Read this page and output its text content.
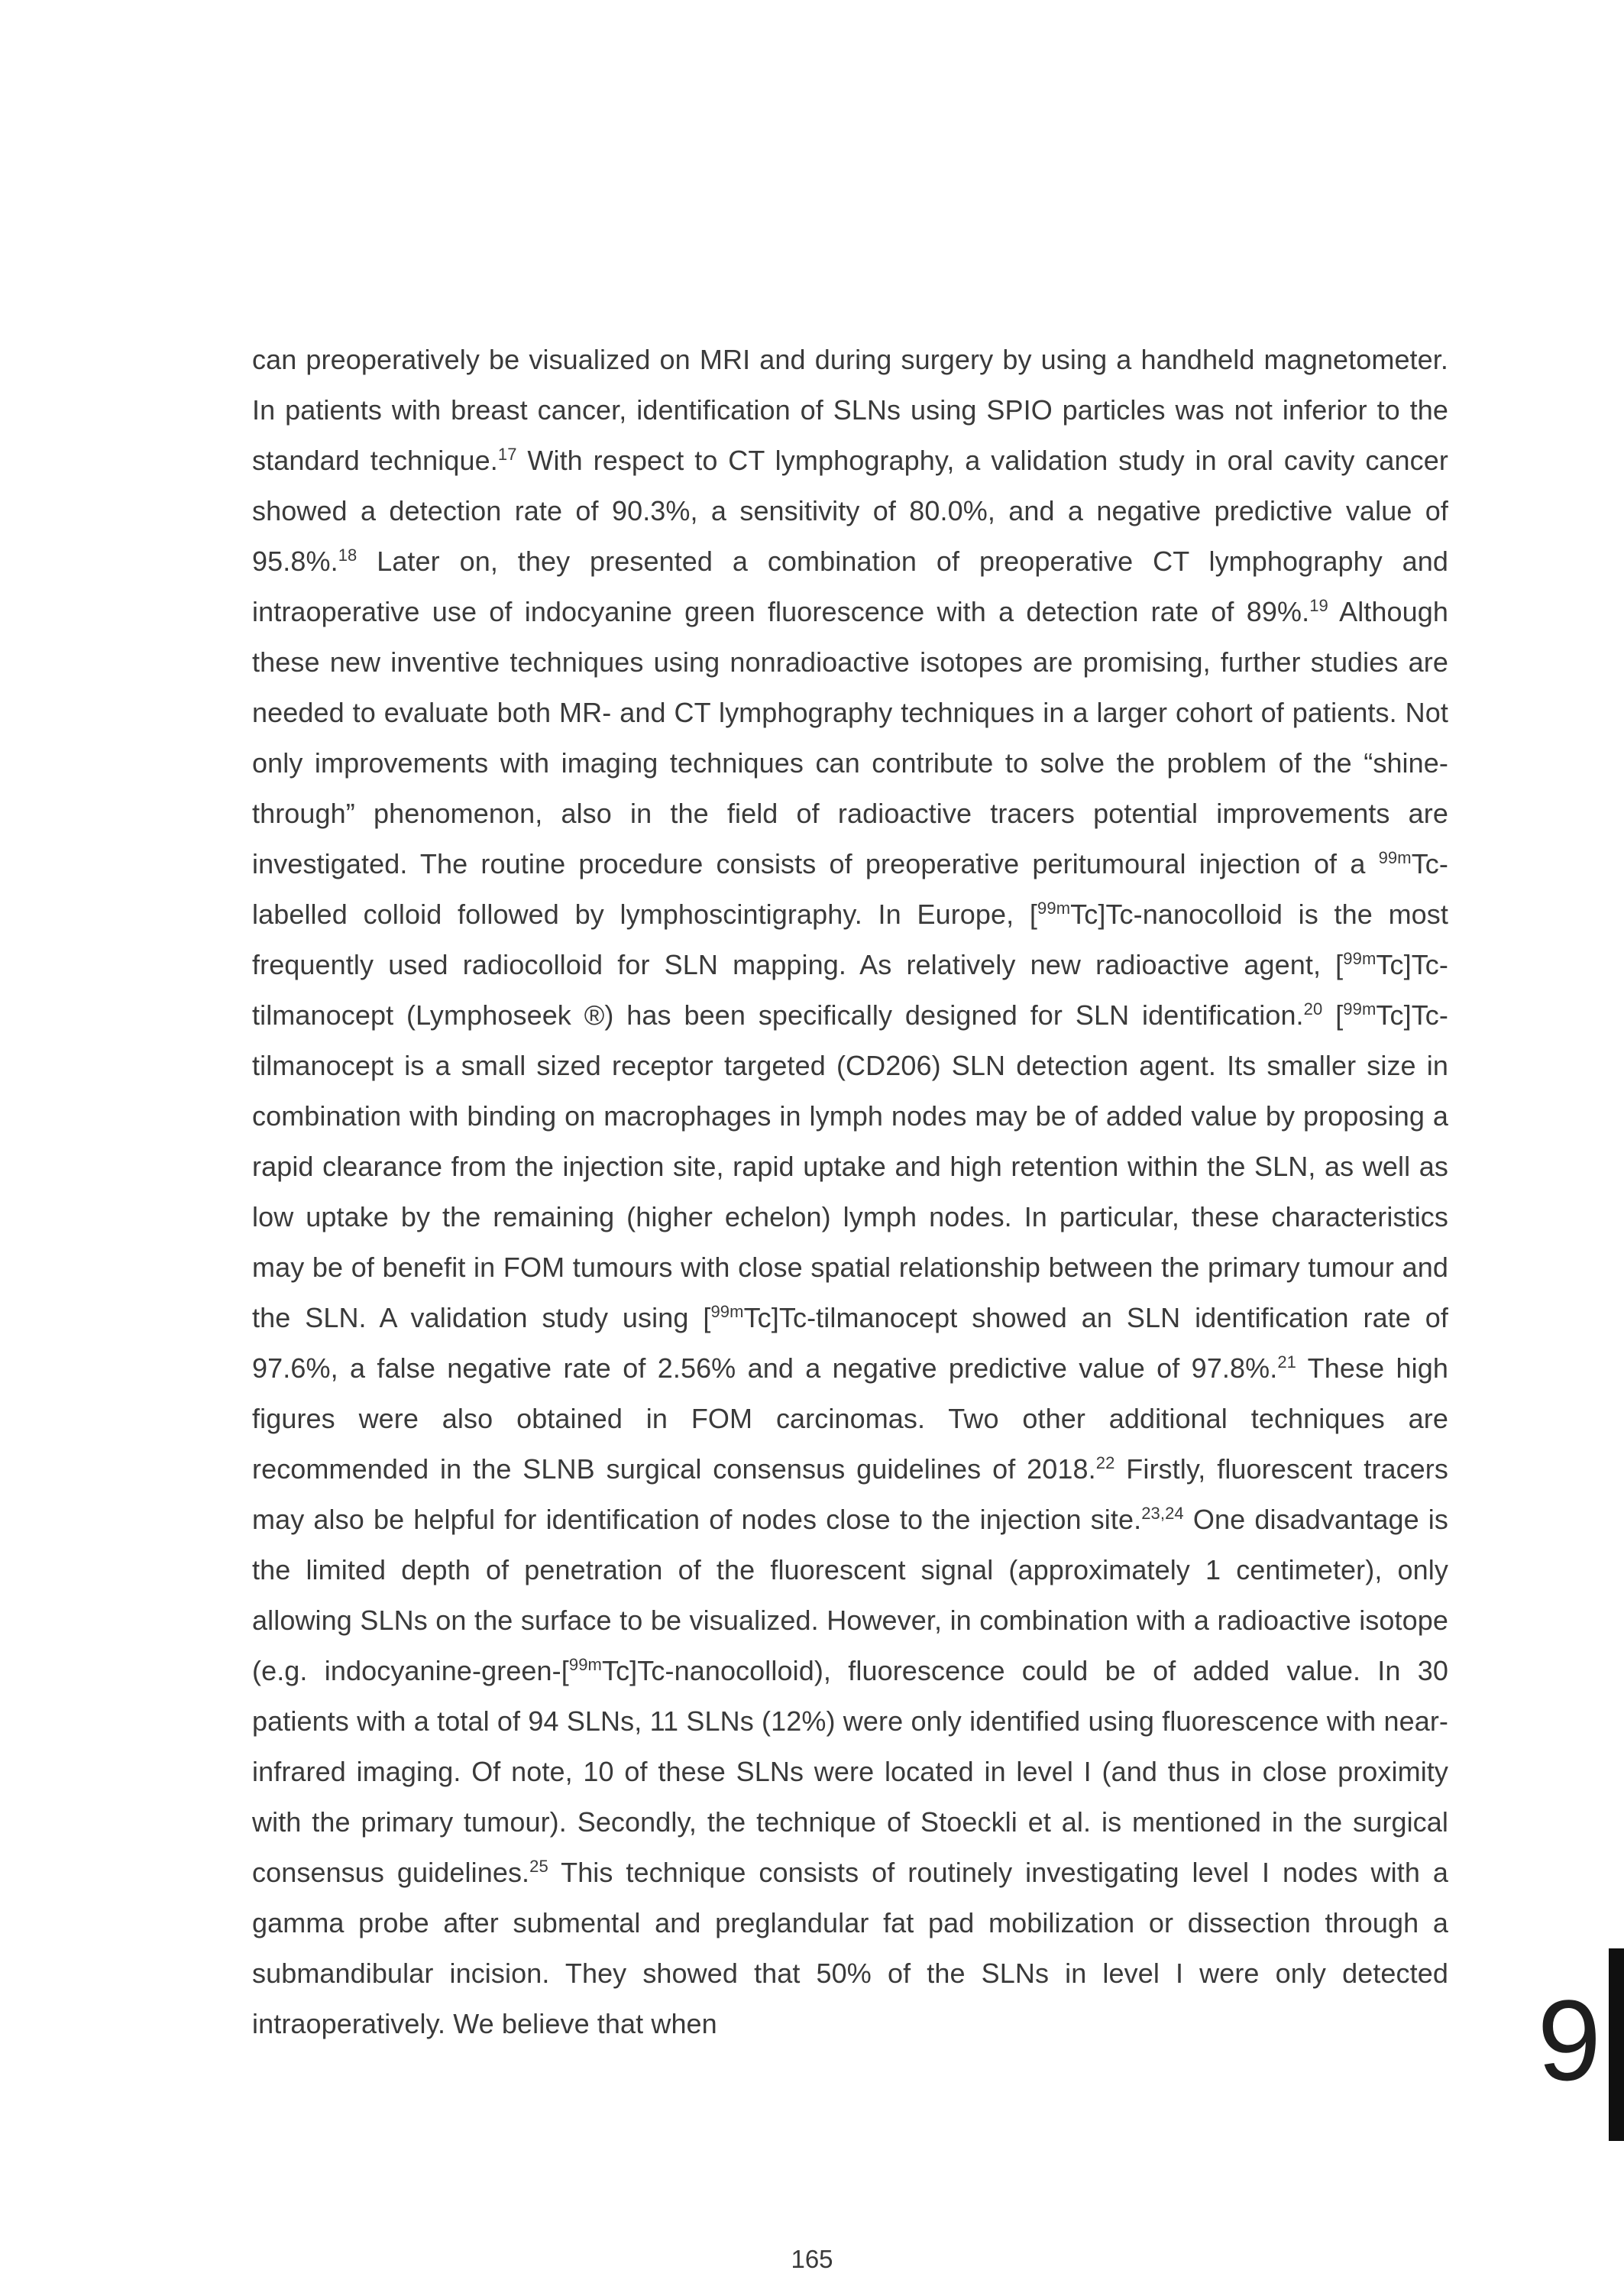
can preoperatively be visualized on MRI and during surgery by using a handheld magnetometer. In patients with breast cancer, identification of SLNs using SPIO particles was not inferior to the standard technique.$^{17}$ With respect to CT lymphography, a validation study in oral cavity cancer showed a detection rate of 90.3%, a sensitivity of 80.0%, and a negative predictive value of 95.8%.$^{18}$ Later on, they presented a combination of preoperative CT lymphography and intraoperative use of indocyanine green fluorescence with a detection rate of 89%.$^{19}$ Although these new inventive techniques using nonradioactive isotopes are promising, further studies are needed to evaluate both MR- and CT lymphography techniques in a larger cohort of patients. Not only improvements with imaging techniques can contribute to solve the problem of the “shine-through” phenomenon, also in the field of radioactive tracers potential improvements are investigated. The routine procedure consists of preoperative peritumoural injection of a $^{99m}$Tc-labelled colloid followed by lymphoscintigraphy. In Europe, [$^{99m}$Tc]Tc-nanocolloid is the most frequently used radiocolloid for SLN mapping. As relatively new radioactive agent, [$^{99m}$Tc]Tc-tilmanocept (Lymphoseek ®) has been specifically designed for SLN identification.$^{20}$ [$^{99m}$Tc]Tc-tilmanocept is a small sized receptor targeted (CD206) SLN detection agent. Its smaller size in combination with binding on macrophages in lymph nodes may be of added value by proposing a rapid clearance from the injection site, rapid uptake and high retention within the SLN, as well as low uptake by the remaining (higher echelon) lymph nodes. In particular, these characteristics may be of benefit in FOM tumours with close spatial relationship between the primary tumour and the SLN. A validation study using [$^{99m}$Tc]Tc-tilmanocept showed an SLN identification rate of 97.6%, a false negative rate of 2.56% and a negative predictive value of 97.8%.$^{21}$ These high figures were also obtained in FOM carcinomas. Two other additional techniques are recommended in the SLNB surgical consensus guidelines of 2018.22 Firstly, fluorescent tracers may also be helpful for identification of nodes close to the injection site.$^{23,24}$ One disadvantage is the limited depth of penetration of the fluorescent signal (approximately 1 centimeter), only allowing SLNs on the surface to be visualized. However, in combination with a radioactive isotope (e.g. indocyanine-green-[$^{99m}$Tc]Tc-nanocolloid), fluorescence could be of added value. In 30 patients with a total of 94 SLNs, 11 SLNs (12%) were only identified using fluorescence with near-infrared imaging. Of note, 10 of these SLNs were located in level I (and thus in close proximity with the primary tumour). Secondly, the technique of Stoeckli et al. is mentioned in the surgical consensus guidelines.$^{25}$ This technique consists of routinely investigating level I nodes with a gamma probe after submental and preglandular fat pad mobilization or dissection through a submandibular incision. They showed that 50% of the SLNs in level I were only detected intraoperatively. We believe that when	9
165
